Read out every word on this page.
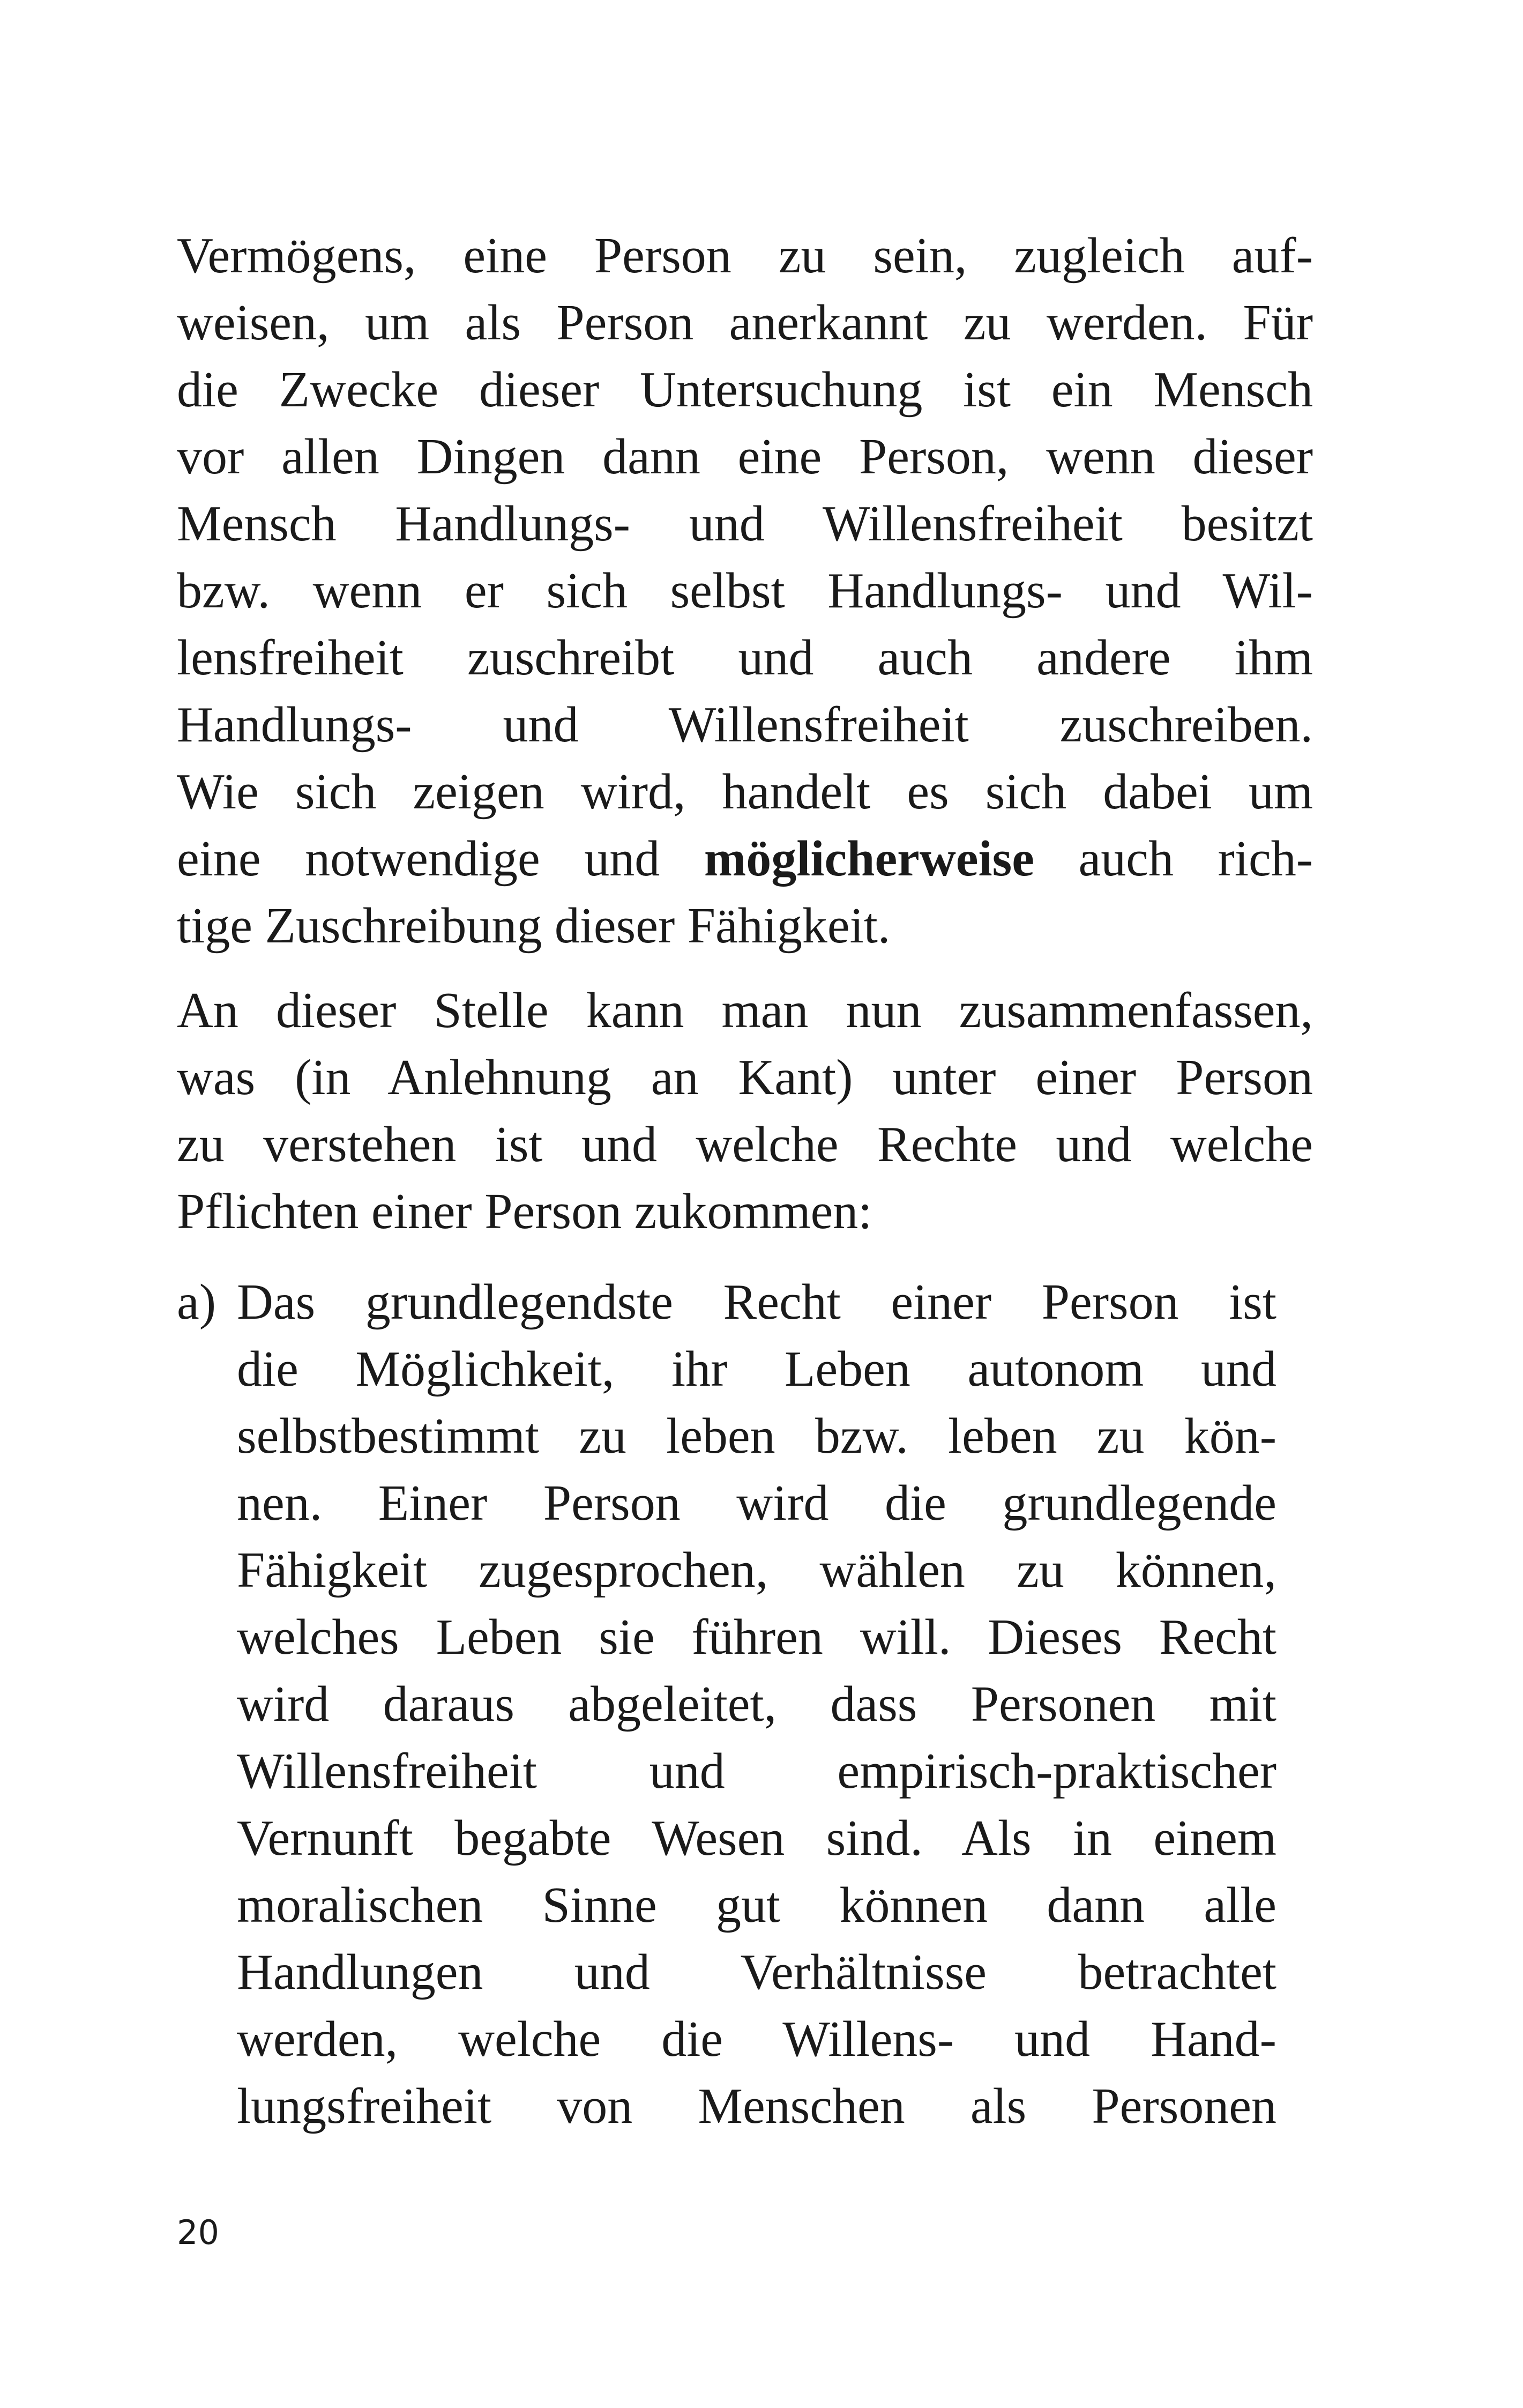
Vermögens, eine Person zu sein, zugleich auf-
weisen, um als Person anerkannt zu werden. Für
die Zwecke dieser Untersuchung ist ein Mensch
vor allen Dingen dann eine Person, wenn dieser
Mensch Handlungs- und Willensfreiheit besitzt
bzw. wenn er sich selbst Handlungs- und Wil-
lensfreiheit zuschreibt und auch andere ihm
Handlungs- und Willensfreiheit zuschreiben.
Wie sich zeigen wird, handelt es sich dabei um
eine notwendige und möglicherweise auch rich-
tige Zuschreibung dieser Fähigkeit.
An dieser Stelle kann man nun zusammenfassen,
was (in Anlehnung an Kant) unter einer Person
zu verstehen ist und welche Rechte und welche
Pflichten einer Person zukommen:
a) Das grundlegendste Recht einer Person ist
die Möglichkeit, ihr Leben autonom und
selbstbestimmt zu leben bzw. leben zu kön-
nen. Einer Person wird die grundlegende
Fähigkeit zugesprochen, wählen zu können,
welches Leben sie führen will. Dieses Recht
wird daraus abgeleitet, dass Personen mit
Willensfreiheit und empirisch-praktischer
Vernunft begabte Wesen sind. Als in einem
moralischen Sinne gut können dann alle
Handlungen und Verhältnisse betrachtet
werden, welche die Willens- und Hand-
lungsfreiheit von Menschen als Personen
20
